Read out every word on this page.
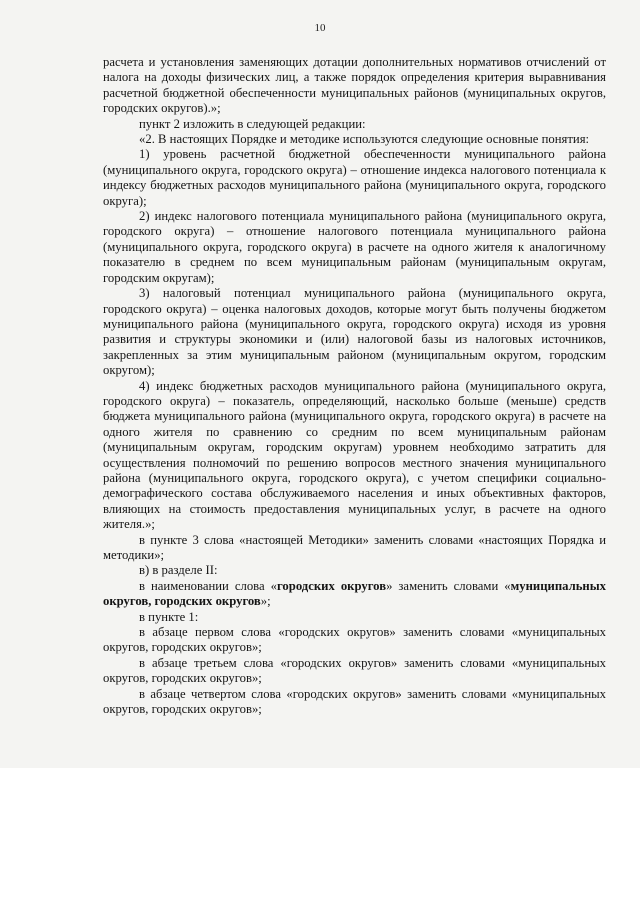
10

расчета и установления заменяющих дотации дополнительных нормативов отчислений от налога на доходы физических лиц, а также порядок определения критерия выравнивания расчетной бюджетной обеспеченности муниципальных районов (муниципальных округов, городских округов).»;

пункт 2 изложить в следующей редакции:

«2. В настоящих Порядке и методике используются следующие основные понятия:

1) уровень расчетной бюджетной обеспеченности муниципального района (муниципального округа, городского округа) – отношение индекса налогового потенциала к индексу бюджетных расходов муниципального района (муниципального округа, городского округа);

2) индекс налогового потенциала муниципального района (муниципального округа, городского округа) – отношение налогового потенциала муниципального района (муниципального округа, городского округа) в расчете на одного жителя к аналогичному показателю в среднем по всем муниципальным районам (муниципальным округам, городским округам);

3) налоговый потенциал муниципального района (муниципального округа, городского округа) – оценка налоговых доходов, которые могут быть получены бюджетом муниципального района (муниципального округа, городского округа) исходя из уровня развития и структуры экономики и (или) налоговой базы из налоговых источников, закрепленных за этим муниципальным районом (муниципальным округом, городским округом);

4) индекс бюджетных расходов муниципального района (муниципального округа, городского округа) – показатель, определяющий, насколько больше (меньше) средств бюджета муниципального района (муниципального округа, городского округа) в расчете на одного жителя по сравнению со средним по всем муниципальным районам (муниципальным округам, городским округам) уровнем необходимо затратить для осуществления полномочий по решению вопросов местного значения муниципального района (муниципального округа, городского округа), с учетом специфики социально-демографического состава обслуживаемого населения и иных объективных факторов, влияющих на стоимость предоставления муниципальных услуг, в расчете на одного жителя.»;

в пункте 3 слова «настоящей Методики» заменить словами «настоящих Порядка и методики»;

в) в разделе II:

в наименовании слова «городских округов» заменить словами «муниципальных округов, городских округов»;

в пункте 1:

в абзаце первом слова «городских округов» заменить словами «муниципальных округов, городских округов»;

в абзаце третьем слова «городских округов» заменить словами «муниципальных округов, городских округов»;

в абзаце четвертом слова «городских округов» заменить словами «муниципальных округов, городских округов»;
